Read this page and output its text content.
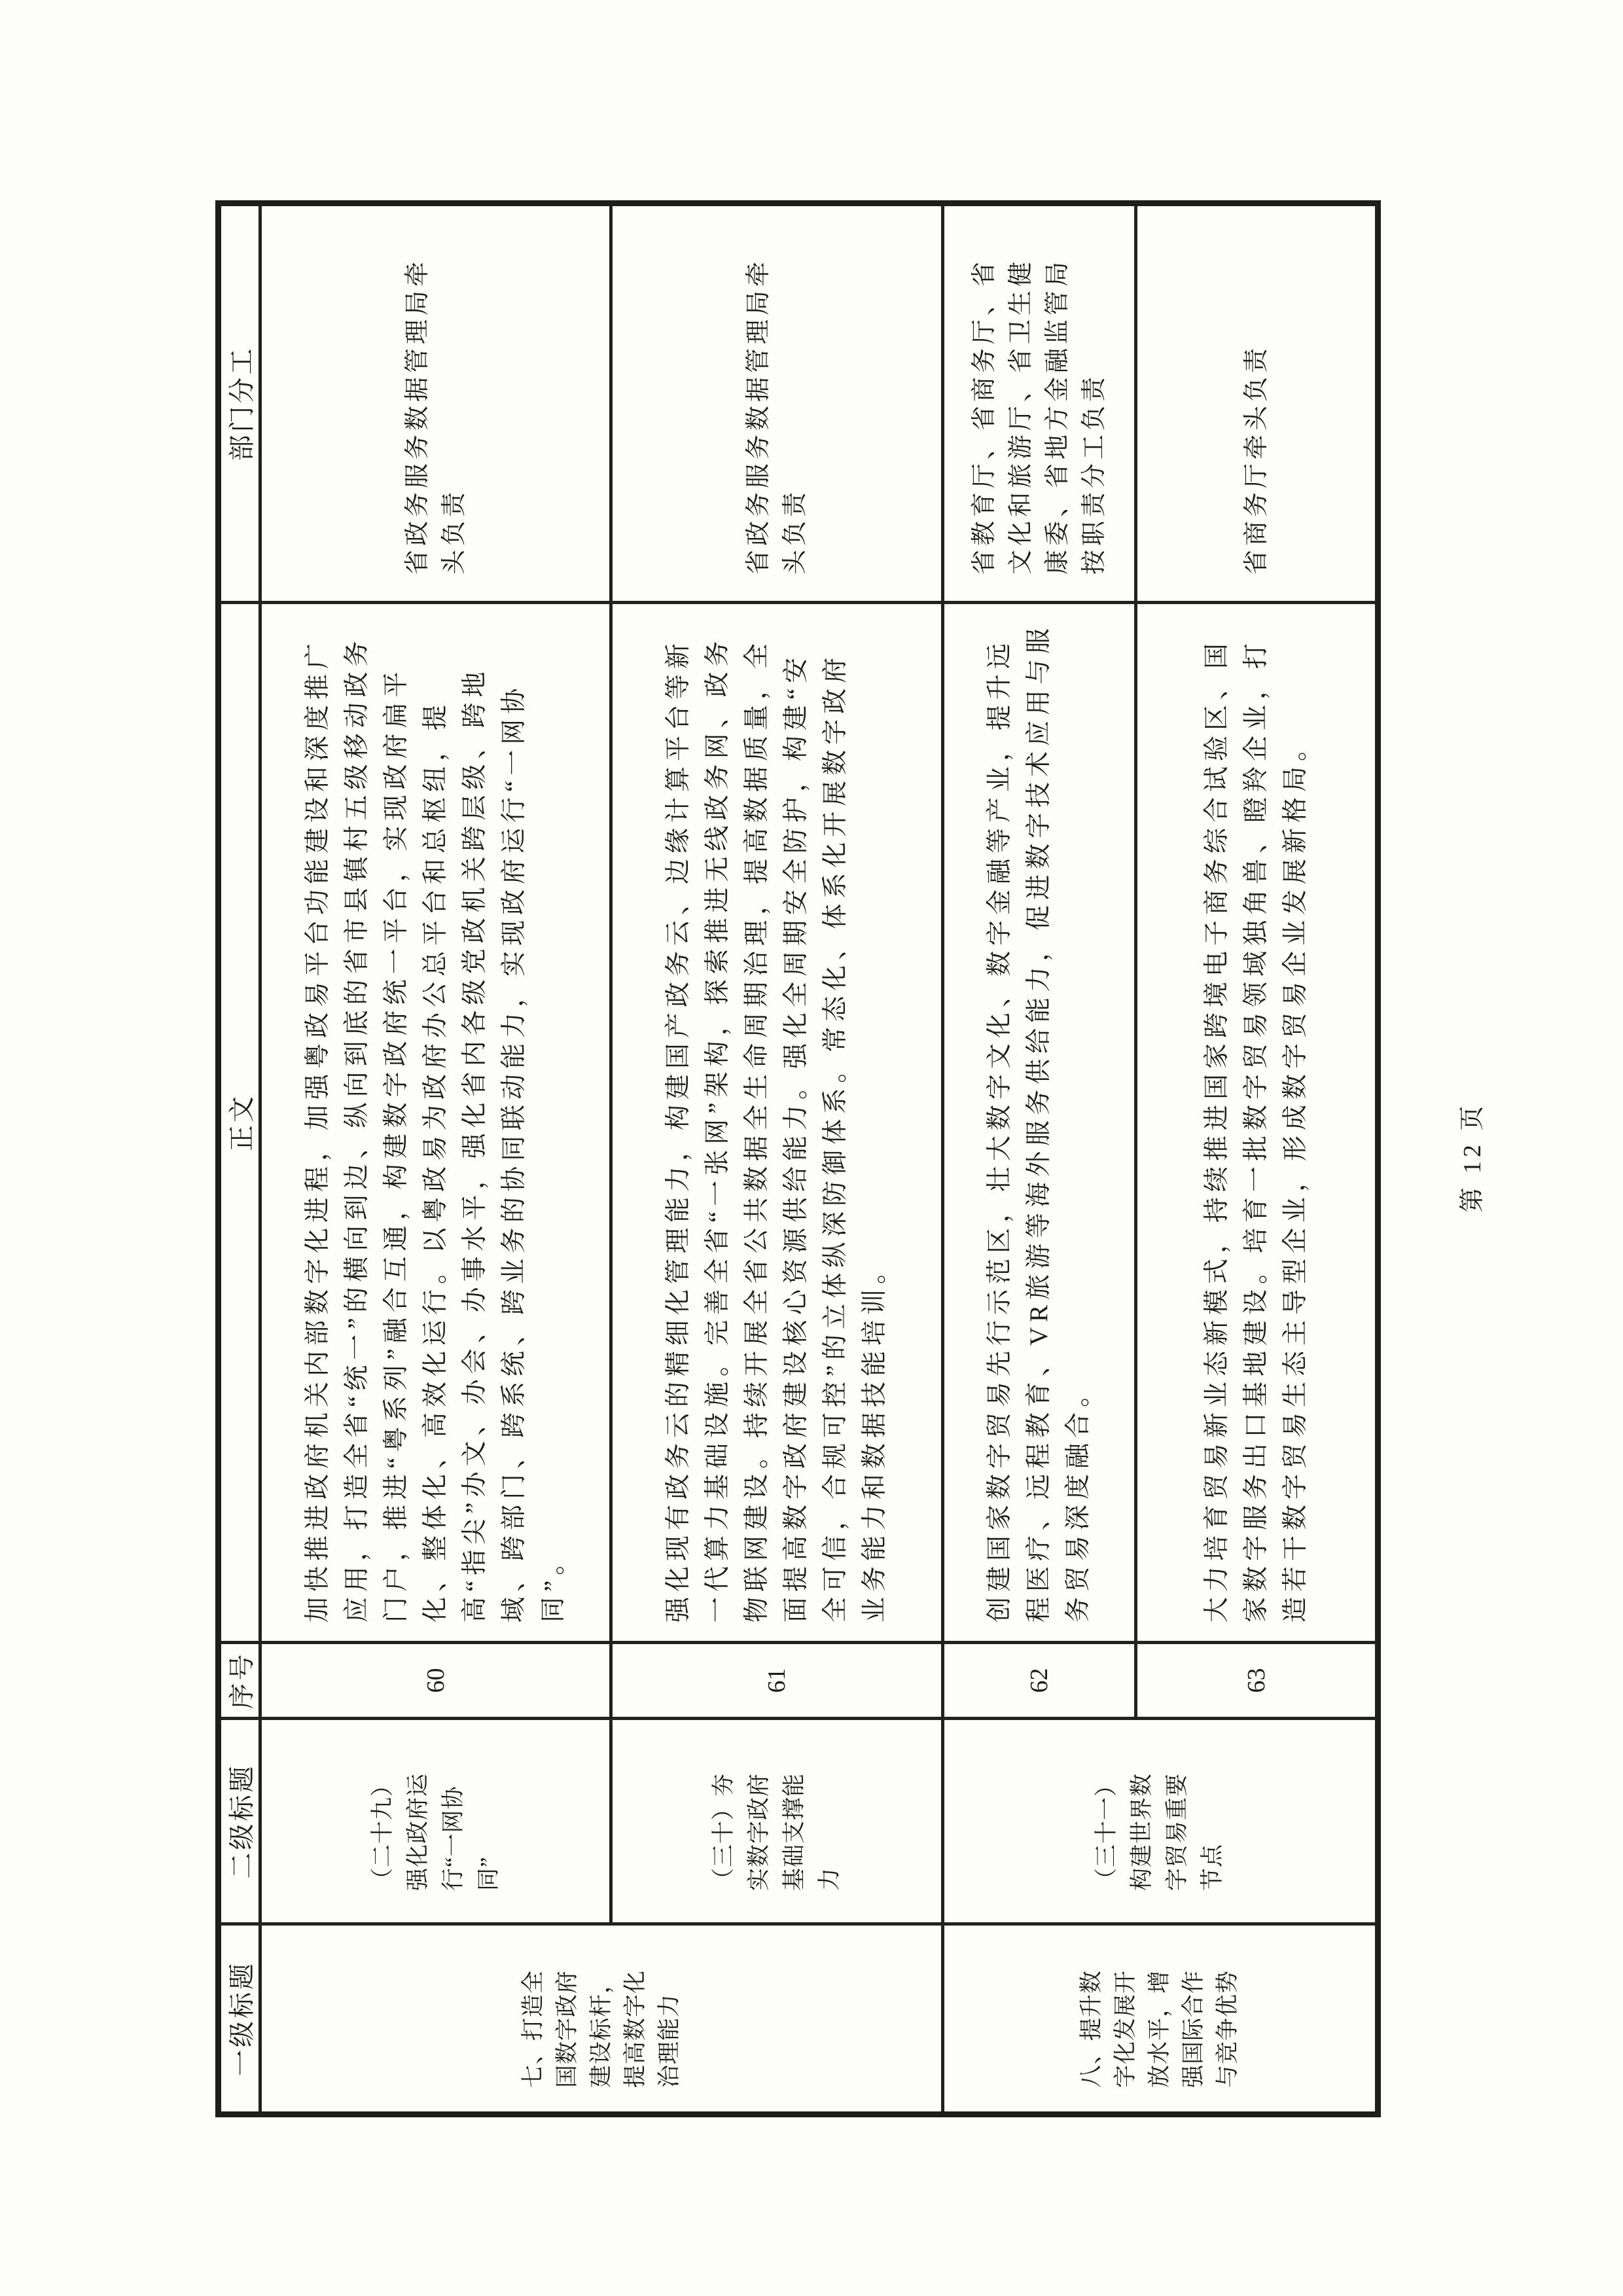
一级标题	二级标题	序号	正文	部门分工
七、打造全国数字政府建设标杆，提高数字化治理能力	（二十九）强化政府运行“一网协同”	60	加快推进政府机关内部数字化进程，加强粤政易平台功能建设和深度推广应用，打造全省“统一”的横向到边、纵向到底的省市县镇村五级移动政务门户，推进“粤系列”融合互通，构建数字政府统一平台，实现政府扁平化、整体化、高效化运行。以粤政易为政府办公总平台和总枢纽，提高“指尖”办文、办会、办事水平，强化省内各级党政机关跨层级、跨地域、跨部门、跨系统、跨业务的协同联动能力，实现政府运行“一网协同”。	省政务服务数据管理局牵头负责
	（三十）夯实数字政府基础支撑能力	61	强化现有政务云的精细化管理能力，构建国产政务云、边缘计算平台等新一代算力基础设施。完善全省“一张网”架构，探索推进无线政务网、政务物联网建设。持续开展全省公共数据全生命周期治理，提高数据质量，全面提高数字政府建设核心资源供给能力。强化全周期安全防护，构建“安全可信，合规可控”的立体纵深防御体系。常态化、体系化开展数字政府业务能力和数据技能培训。	省政务服务数据管理局牵头负责
八、提升数字化发展开放水平，增强国际合作与竞争优势	（三十一）构建世界数字贸易重要节点	62	创建国家数字贸易先行示范区，壮大数字文化、数字金融等产业，提升远程医疗、远程教育、VR旅游等海外服务供给能力，促进数字技术应用与服务贸易深度融合。	省教育厅、省商务厅、省文化和旅游厅、省卫生健康委、省地方金融监管局按职责分工负责
		63	大力培育贸易新业态新模式，持续推进国家跨境电子商务综合试验区、国家数字服务出口基地建设。培育一批数字贸易领域独角兽、瞪羚企业，打造若干数字贸易生态主导型企业，形成数字贸易企业发展新格局。	省商务厅牵头负责
第 12 页
